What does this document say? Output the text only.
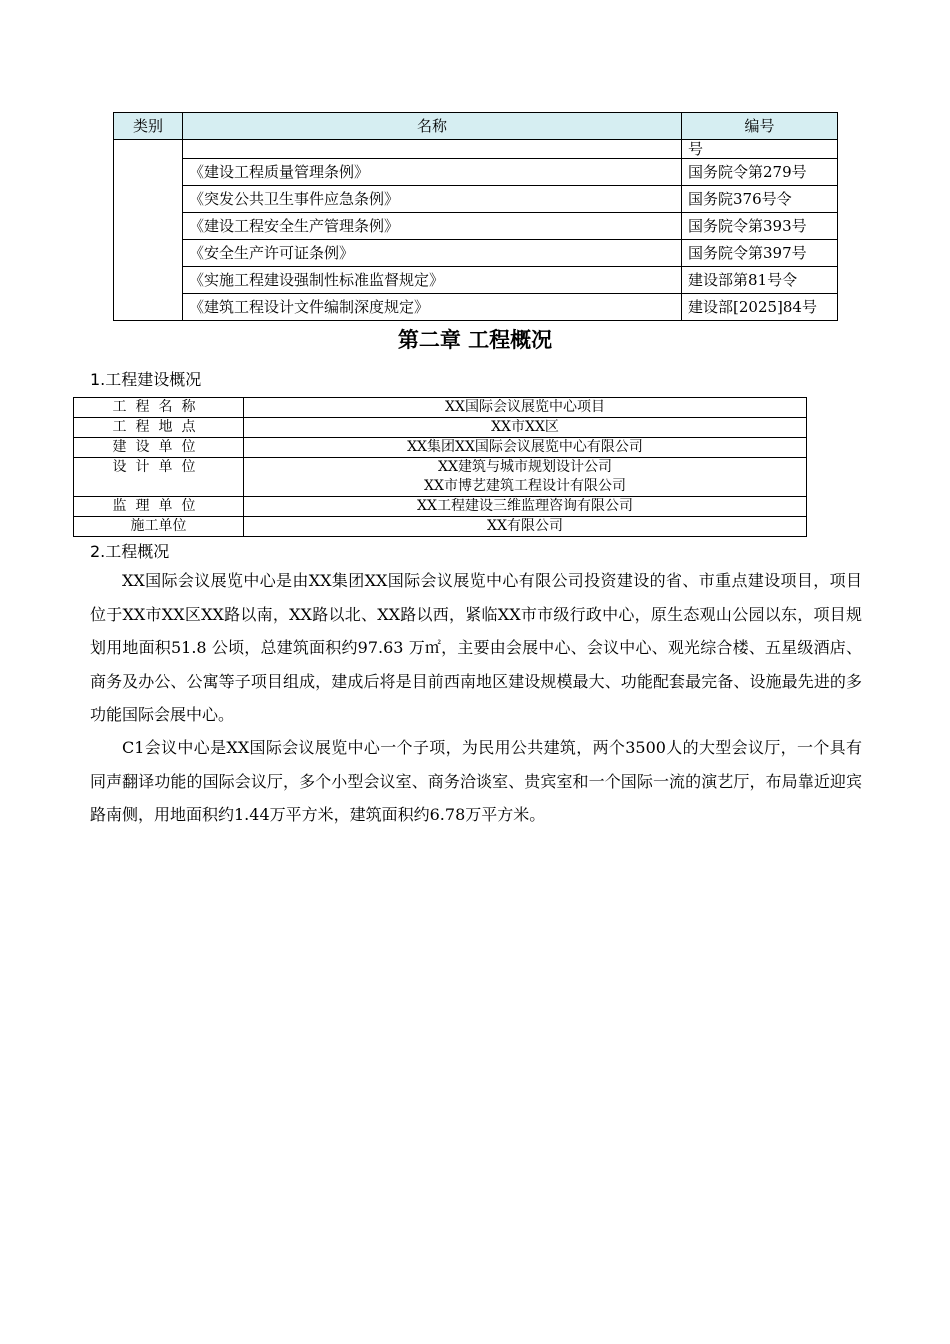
类别	名称	编号
		号
	《建设工程质量管理条例》	国务院令第279号
	《突发公共卫生事件应急条例》	国务院376号令
	《建设工程安全生产管理条例》	国务院令第393号
	《安全生产许可证条例》	国务院令第397号
	《实施工程建设强制性标准监督规定》	建设部第81号令
	《建筑工程设计文件编制深度规定》	建设部[2025]84号
第二章 工程概况
1.工程建设概况
工程名称	XX国际会议展览中心项目
工程地点	XX市XX区
建设单位	XX集团XX国际会议展览中心有限公司
设计单位	XX建筑与城市规划设计公司
XX市博艺建筑工程设计有限公司

监理单位	XX工程建设三维监理咨询有限公司
施工单位	XX有限公司
2.工程概况

XX国际会议展览中心是由XX集团XX国际会议展览中心有限公司投资建设的省、市重点建设项目，项目位于XX市XX区XX路以南，XX路以北、XX路以西，紧临XX市市级行政中心，原生态观山公园以东，项目规划用地面积51.8 公顷，总建筑面积约97.63 万㎡，主要由会展中心、会议中心、观光综合楼、五星级酒店、商务及办公、公寓等子项目组成，建成后将是目前西南地区建设规模最大、功能配套最完备、设施最先进的多功能国际会展中心。

C1会议中心是XX国际会议展览中心一个子项，为民用公共建筑，两个3500人的大型会议厅，一个具有同声翻译功能的国际会议厅，多个小型会议室、商务洽谈室、贵宾室和一个国际一流的演艺厅，布局靠近迎宾路南侧，用地面积约1.44万平方米，建筑面积约6.78万平方米。
